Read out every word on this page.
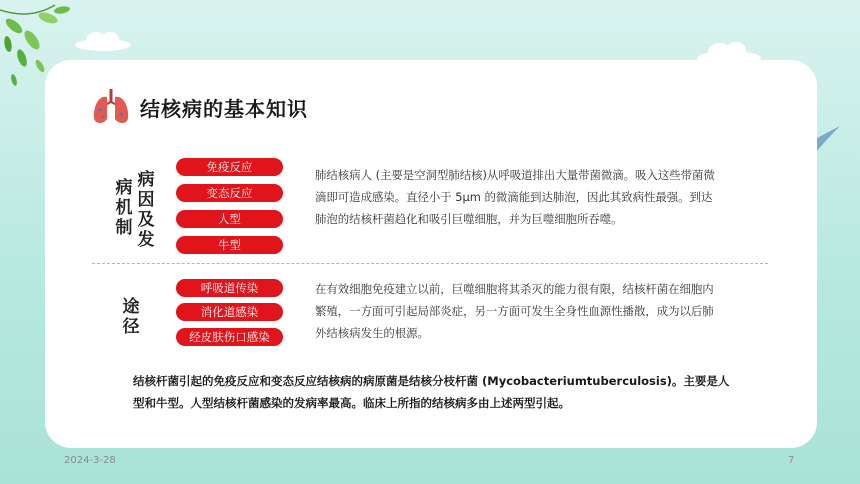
结核病的基本知识
病因及发
病机制
免疫反应
变态反应
人型
牛型
肺结核病人 (主要是空洞型肺结核)从呼吸道排出大量带菌微滴。吸入这些带菌微滴即可造成感染。直径小于 5μm 的微滴能到达肺泡，因此其致病性最强。到达肺泡的结核杆菌趋化和吸引巨噬细胞，并为巨噬细胞所吞噬。
途径
呼吸道传染
消化道感染
经皮肤伤口感染
在有效细胞免疫建立以前，巨噬细胞将其杀灭的能力很有限，结核杆菌在细胞内繁殖，一方面可引起局部炎症，另一方面可发生全身性血源性播散，成为以后肺外结核病发生的根源。
结核杆菌引起的免疫反应和变态反应结核病的病原菌是结核分枝杆菌 (Mycobacteriumtuberculosis)。主要是人型和牛型。人型结核杆菌感染的发病率最高。临床上所指的结核病多由上述两型引起。
2024-3-28	7
